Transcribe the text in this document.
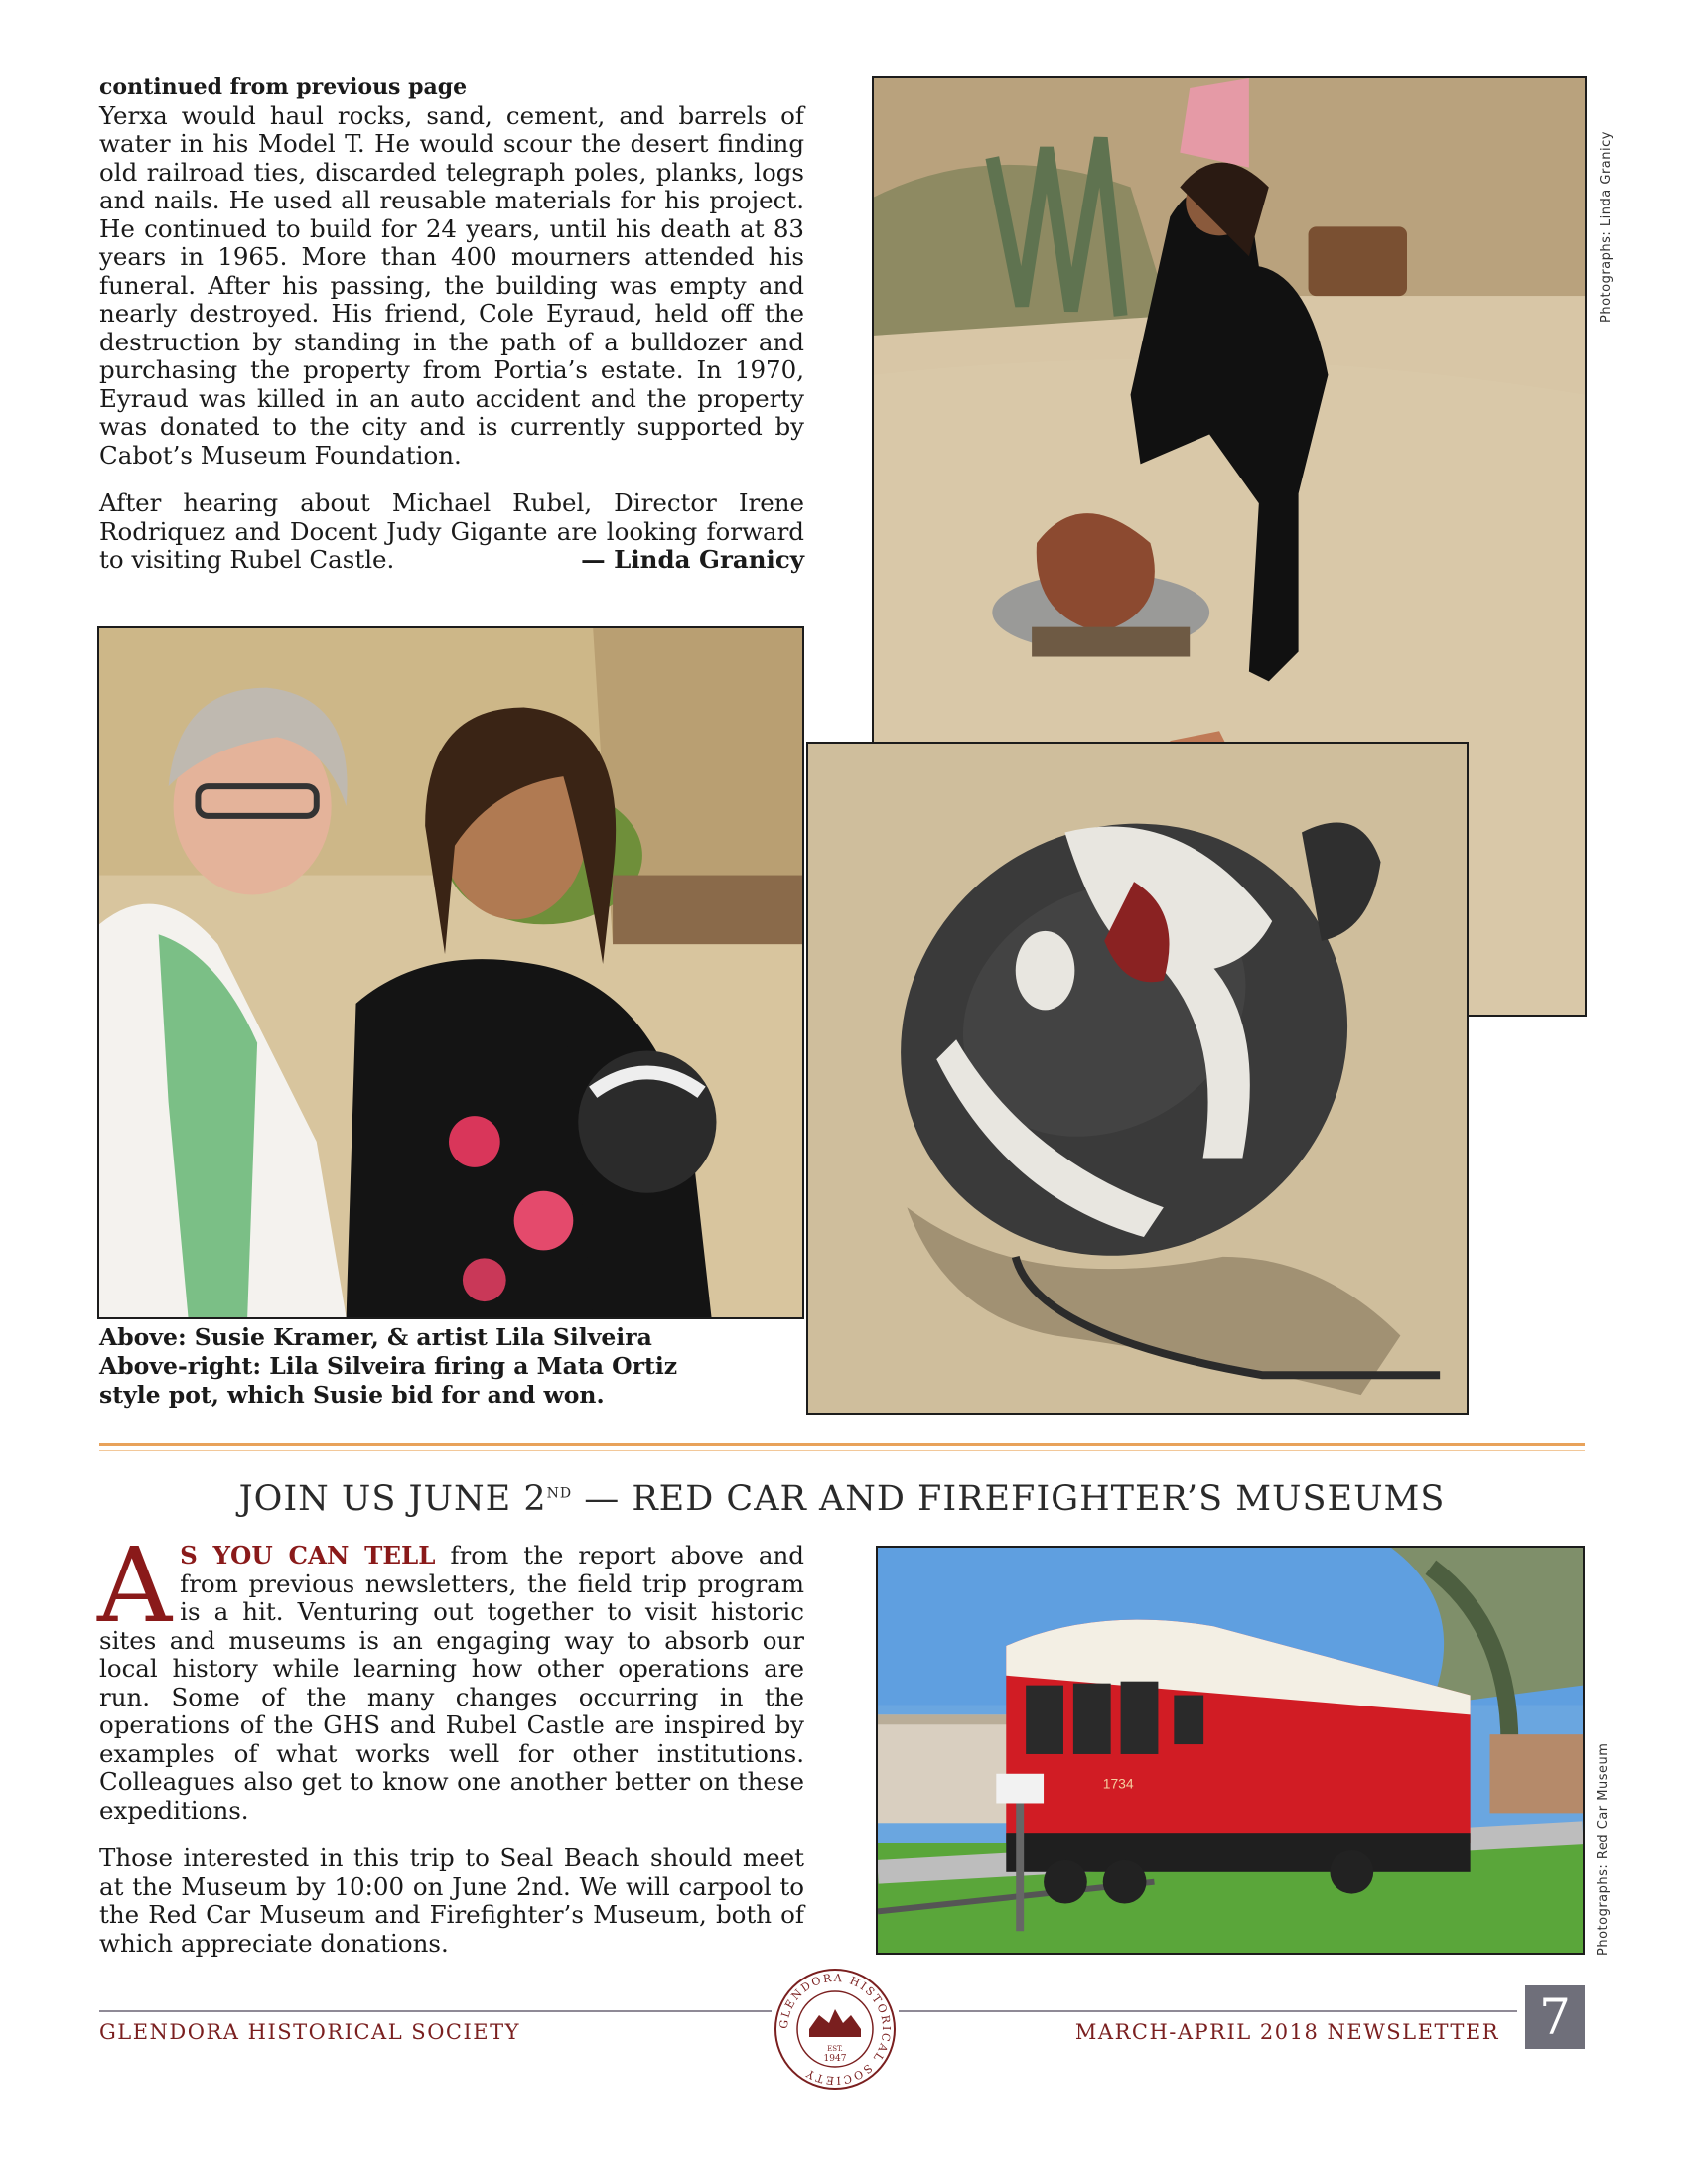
continued from previous page

Yerxa would haul rocks, sand, cement, and barrels of water in his Model T. He would scour the desert finding old railroad ties, discarded telegraph poles, planks, logs and nails. He used all reusable materials for his project. He continued to build for 24 years, until his death at 83 years in 1965. More than 400 mourners attended his funeral. After his passing, the building was empty and nearly destroyed. His friend, Cole Eyraud, held off the destruction by standing in the path of a bulldozer and purchasing the property from Portia’s estate. In 1970, Eyraud was killed in an auto accident and the property was donated to the city and is currently supported by Cabot’s Museum Foundation.

After hearing about Michael Rubel, Director Irene Rodriquez and Docent Judy Gigante are looking forward to visiting Rubel Castle.	— Linda Granicy

Photographs: Linda Granicy
Above: Susie Kramer, & artist Lila Silveira
Above-right: Lila Silveira firing a Mata Ortiz
style pot, which Susie bid for and won.
JOIN US JUNE 2ND — RED CAR AND FIREFIGHTER’S MUSEUMS

A S YOU CAN TELL from the report above and from previous newsletters, the field trip program is a hit. Venturing out together to visit historic sites and museums is an engaging way to absorb our local history while learning how other operations are run. Some of the many changes occurring in the operations of the GHS and Rubel Castle are inspired by examples of what works well for other institutions. Colleagues also get to know one another better on these expeditions.

Those interested in this trip to Seal Beach should meet at the Museum by 10:00 on June 2nd. We will carpool to the Red Car Museum and Firefighter’s Museum, both of which appreciate donations.

1734	Photographs: Red Car Museum
GLENDORA HISTORICAL SOCIETY	MARCH-APRIL 2018 NEWSLETTER
GLENDORA HISTORICAL SOCIETY
EST.
1947
7
